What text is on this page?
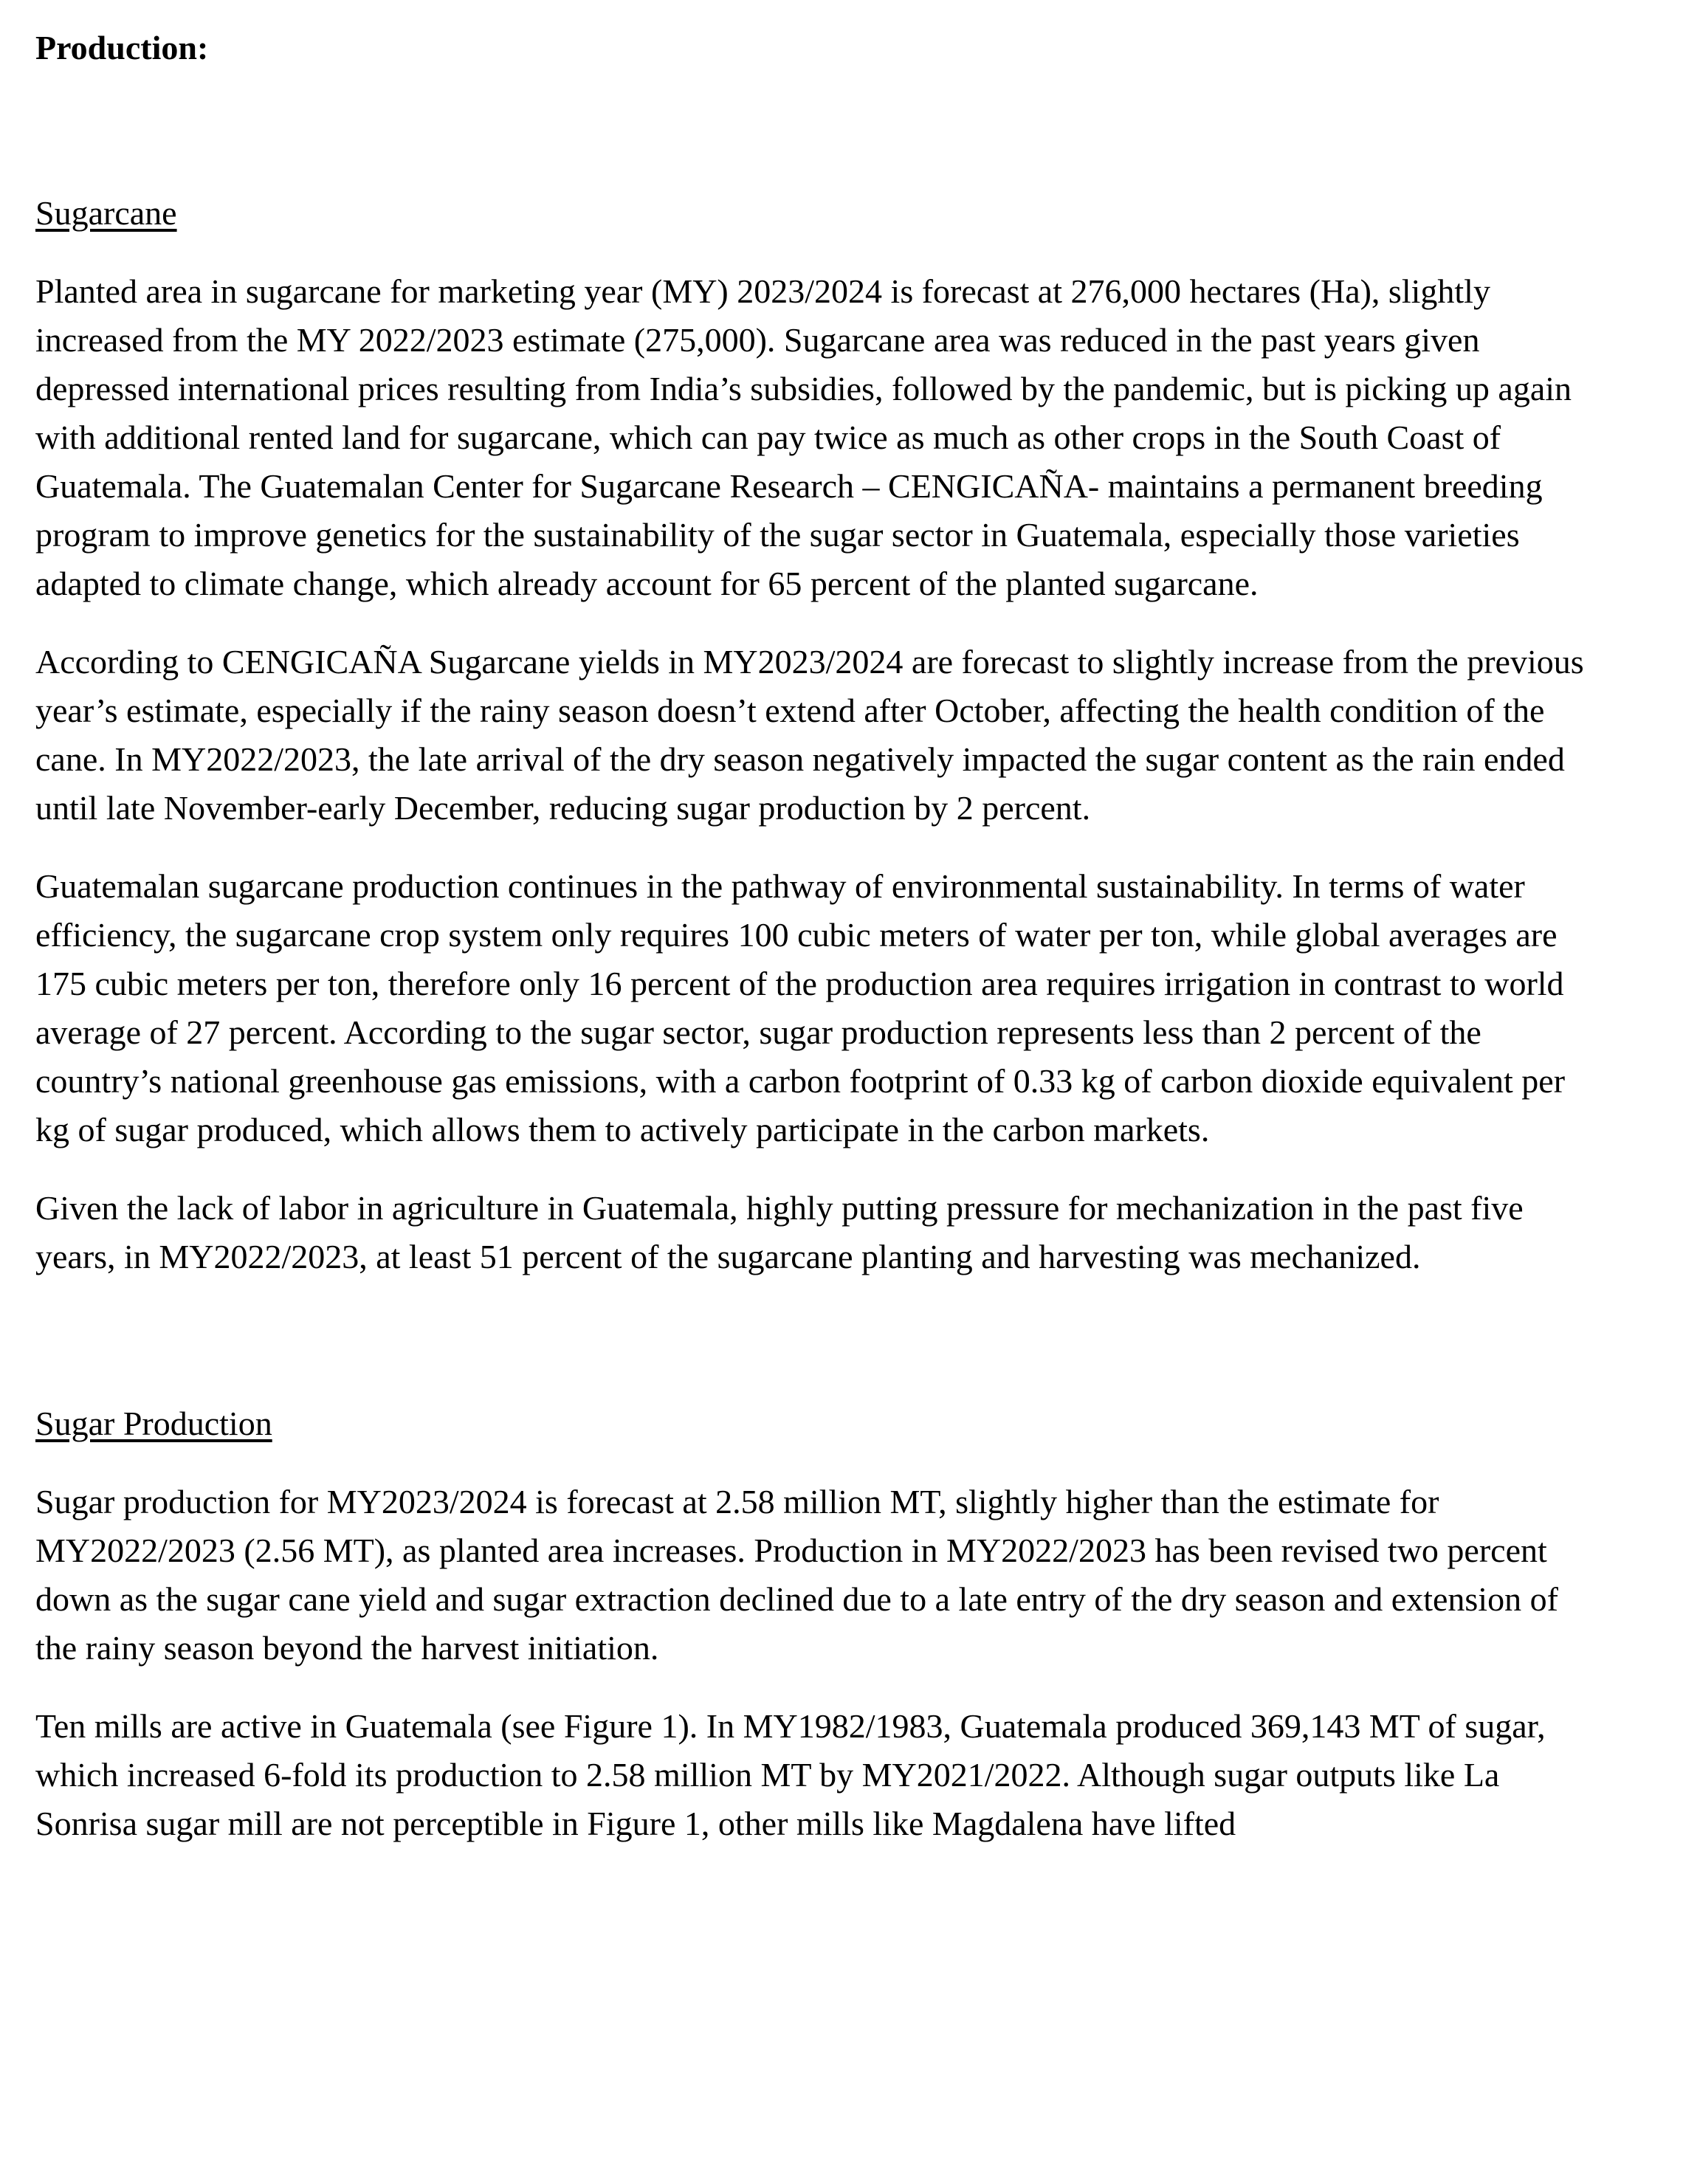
Production:

Sugarcane

Planted area in sugarcane for marketing year (MY) 2023/2024 is forecast at 276,000 hectares (Ha), slightly increased from the MY 2022/2023 estimate (275,000). Sugarcane area was reduced in the past years given depressed international prices resulting from India’s subsidies, followed by the pandemic, but is picking up again with additional rented land for sugarcane, which can pay twice as much as other crops in the South Coast of Guatemala. The Guatemalan Center for Sugarcane Research – CENGICAÑA- maintains a permanent breeding program to improve genetics for the sustainability of the sugar sector in Guatemala, especially those varieties adapted to climate change, which already account for 65 percent of the planted sugarcane.

According to CENGICAÑA Sugarcane yields in MY2023/2024 are forecast to slightly increase from the previous year’s estimate, especially if the rainy season doesn’t extend after October, affecting the health condition of the cane. In MY2022/2023, the late arrival of the dry season negatively impacted the sugar content as the rain ended until late November-early December, reducing sugar production by 2 percent.

Guatemalan sugarcane production continues in the pathway of environmental sustainability. In terms of water efficiency, the sugarcane crop system only requires 100 cubic meters of water per ton, while global averages are 175 cubic meters per ton, therefore only 16 percent of the production area requires irrigation in contrast to world average of 27 percent. According to the sugar sector, sugar production represents less than 2 percent of the country’s national greenhouse gas emissions, with a carbon footprint of 0.33 kg of carbon dioxide equivalent per kg of sugar produced, which allows them to actively participate in the carbon markets.

Given the lack of labor in agriculture in Guatemala, highly putting pressure for mechanization in the past five years, in MY2022/2023, at least 51 percent of the sugarcane planting and harvesting was mechanized.

Sugar Production

Sugar production for MY2023/2024 is forecast at 2.58 million MT, slightly higher than the estimate for MY2022/2023 (2.56 MT), as planted area increases. Production in MY2022/2023 has been revised two percent down as the sugar cane yield and sugar extraction declined due to a late entry of the dry season and extension of the rainy season beyond the harvest initiation.

Ten mills are active in Guatemala (see Figure 1). In MY1982/1983, Guatemala produced 369,143 MT of sugar, which increased 6-fold its production to 2.58 million MT by MY2021/2022. Although sugar outputs like La Sonrisa sugar mill are not perceptible in Figure 1, other mills like Magdalena have lifted
